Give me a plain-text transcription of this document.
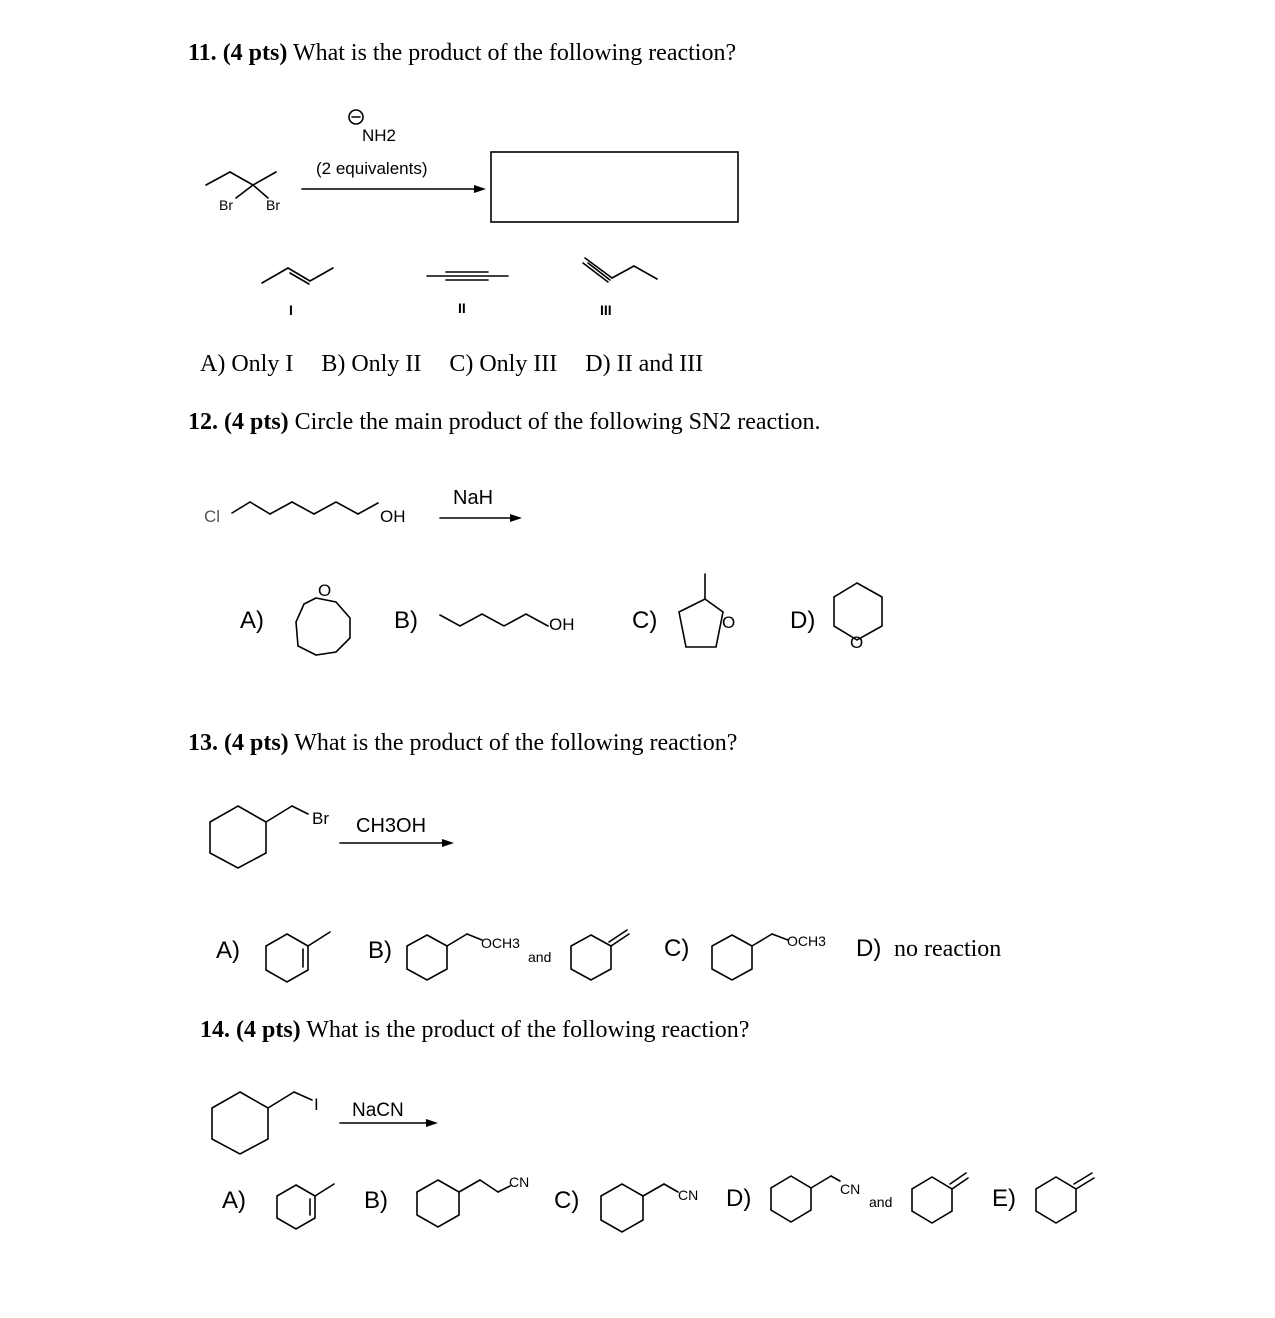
11. (4 pts) What is the product of the following reaction?
12. (4 pts) Circle the main product of the following SN2 reaction.
13. (4 pts) What is the product of the following reaction?
14. (4 pts) What is the product of the following reaction?
A) Only I B) Only II C) Only III D) II and III
NH2
(2 equivalents)
Br Br
I	II	III
NaH
Cl	OH
A)
O
B)	OH C)	O D)
O
Br CH3OH
A)	B)	OCH3
and	C)	OCH3 D) no reaction
I NaCN
A)	B)
CN
C)	CN D)	CN
and	E)
